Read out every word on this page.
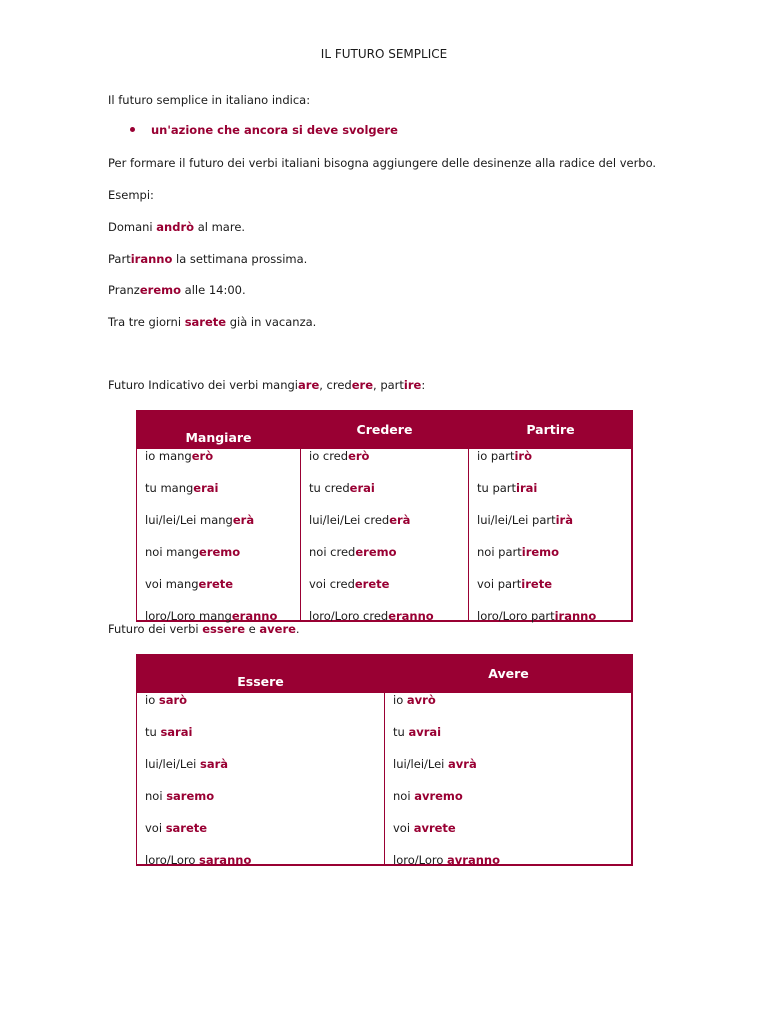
IL FUTURO SEMPLICE
Il futuro semplice in italiano indica:
un'azione che ancora si deve svolgere
Per formare il futuro dei verbi italiani bisogna aggiungere delle desinenze alla radice del verbo.
Esempi:
Domani andrò al mare.
Partiranno la settimana prossima.
Pranzeremo alle 14:00.
Tra tre giorni sarete già in vacanza.
Futuro Indicativo dei verbi mangiare, credere, partire:
Mangiare
Credere	Partire
io mangerò
tu mangerai
lui/lei/Lei mangerà
noi mangeremo
voi mangerete
loro/Loro mangeranno
io crederò
tu crederai
lui/lei/Lei crederà
noi crederemo
voi crederete
loro/Loro crederanno
io partirò
tu partirai
lui/lei/Lei partirà
noi partiremo
voi partirete
loro/Loro partiranno
Futuro dei verbi essere e avere.
Essere
Avere
io sarò
tu sarai
lui/lei/Lei sarà
noi saremo
voi sarete
loro/Loro saranno
io avrò
tu avrai
lui/lei/Lei avrà
noi avremo
voi avrete
loro/Loro avranno
